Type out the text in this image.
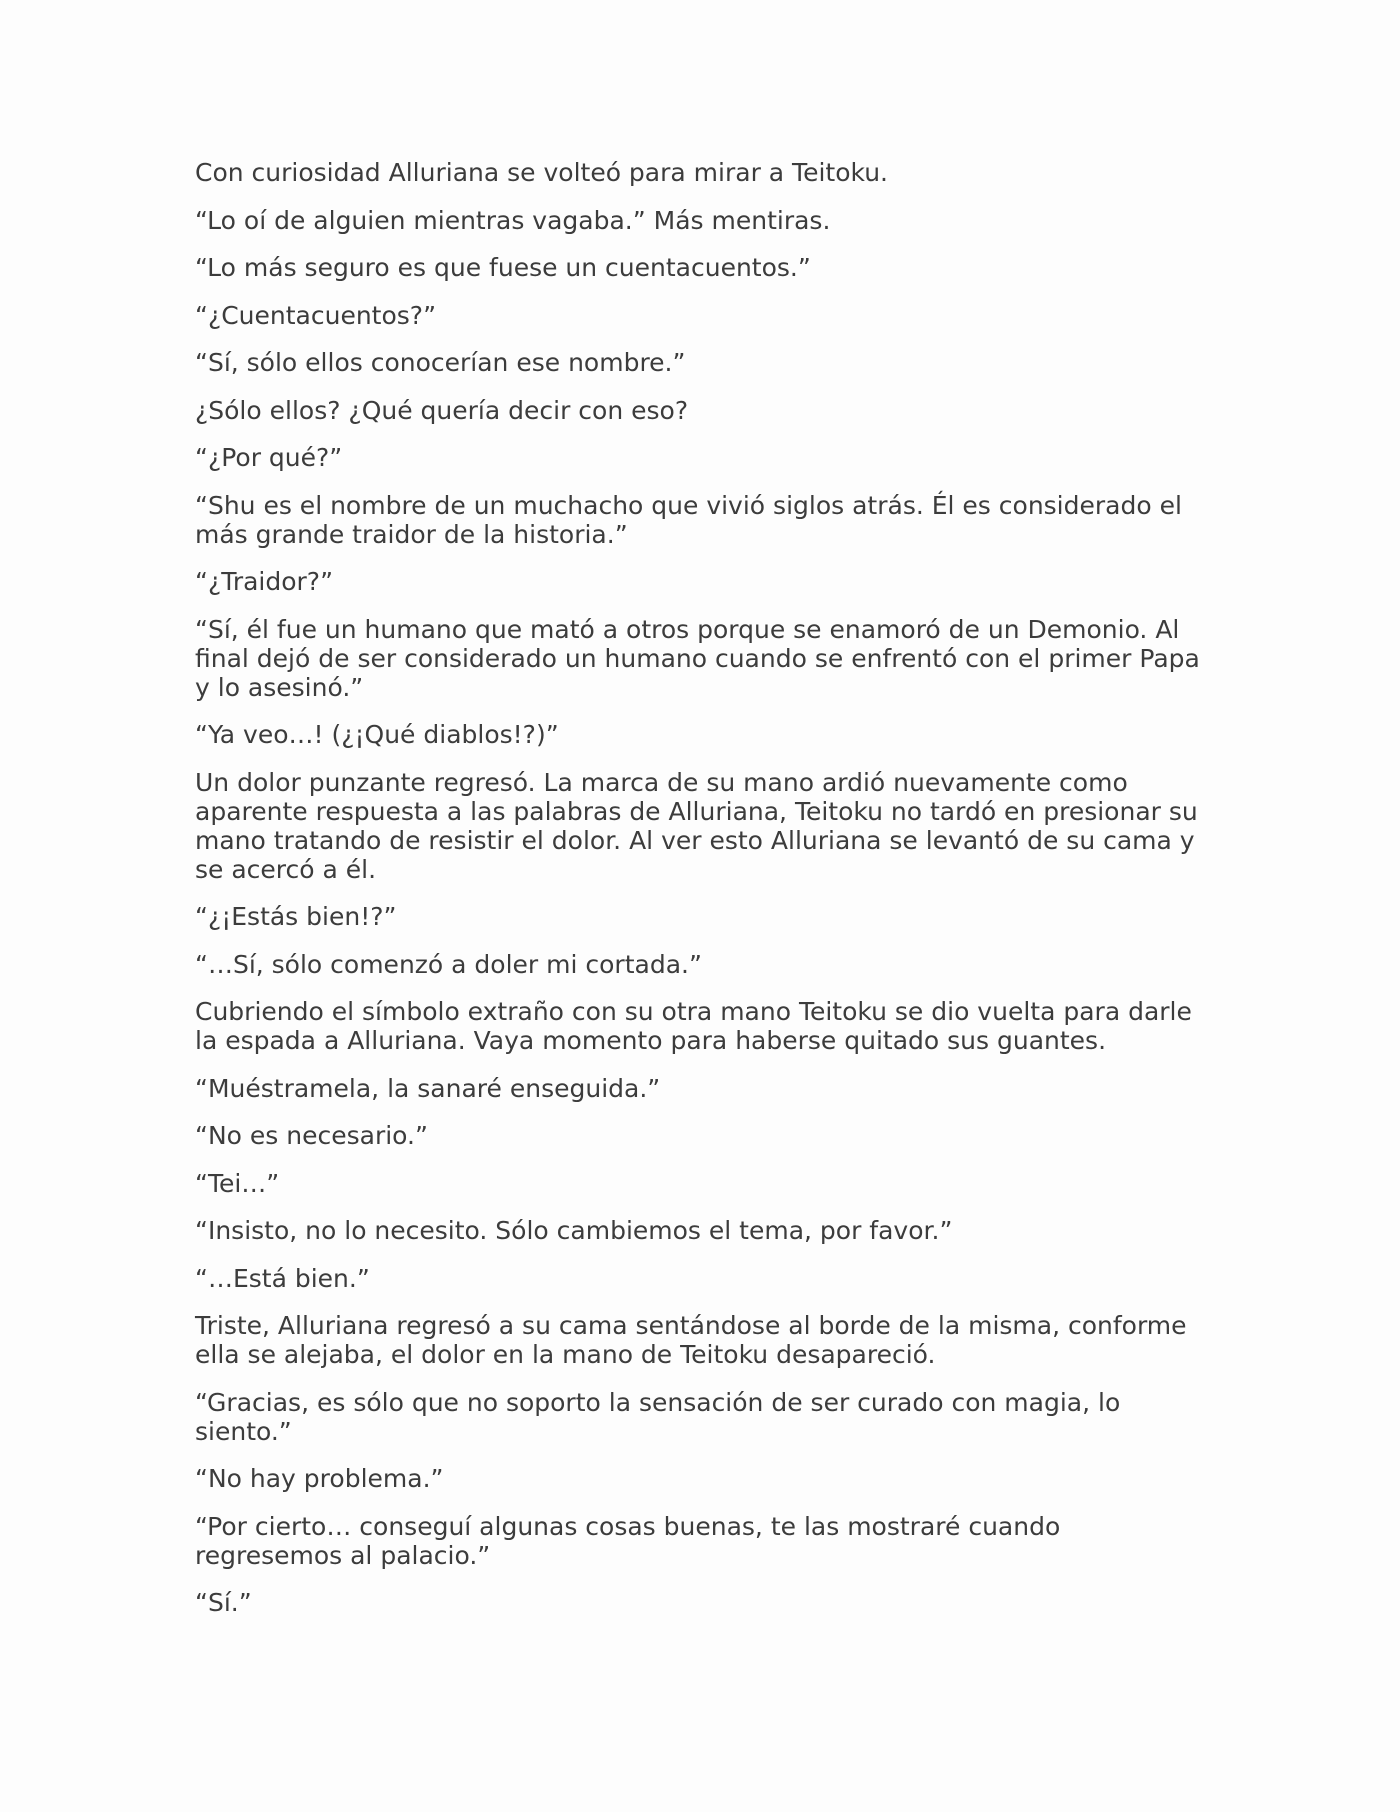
Con curiosidad Alluriana se volteó para mirar a Teitoku.

“Lo oí de alguien mientras vagaba.” Más mentiras.

“Lo más seguro es que fuese un cuentacuentos.”

“¿Cuentacuentos?”

“Sí, sólo ellos conocerían ese nombre.”

¿Sólo ellos? ¿Qué quería decir con eso?

“¿Por qué?”

“Shu es el nombre de un muchacho que vivió siglos atrás. Él es considerado el más grande traidor de la historia.”

“¿Traidor?”

“Sí, él fue un humano que mató a otros porque se enamoró de un Demonio. Al final dejó de ser considerado un humano cuando se enfrentó con el primer Papa y lo asesinó.”

“Ya veo…! (¿¡Qué diablos!?)”

Un dolor punzante regresó. La marca de su mano ardió nuevamente como aparente respuesta a las palabras de Alluriana, Teitoku no tardó en presionar su mano tratando de resistir el dolor. Al ver esto Alluriana se levantó de su cama y se acercó a él.

“¿¡Estás bien!?”

“…Sí, sólo comenzó a doler mi cortada.”

Cubriendo el símbolo extraño con su otra mano Teitoku se dio vuelta para darle la espada a Alluriana. Vaya momento para haberse quitado sus guantes.

“Muéstramela, la sanaré enseguida.”

“No es necesario.”

“Tei…”

“Insisto, no lo necesito. Sólo cambiemos el tema, por favor.”

“…Está bien.”

Triste, Alluriana regresó a su cama sentándose al borde de la misma, conforme ella se alejaba, el dolor en la mano de Teitoku desapareció.

“Gracias, es sólo que no soporto la sensación de ser curado con magia, lo siento.”

“No hay problema.”

“Por cierto… conseguí algunas cosas buenas, te las mostraré cuando regresemos al palacio.”

“Sí.”
